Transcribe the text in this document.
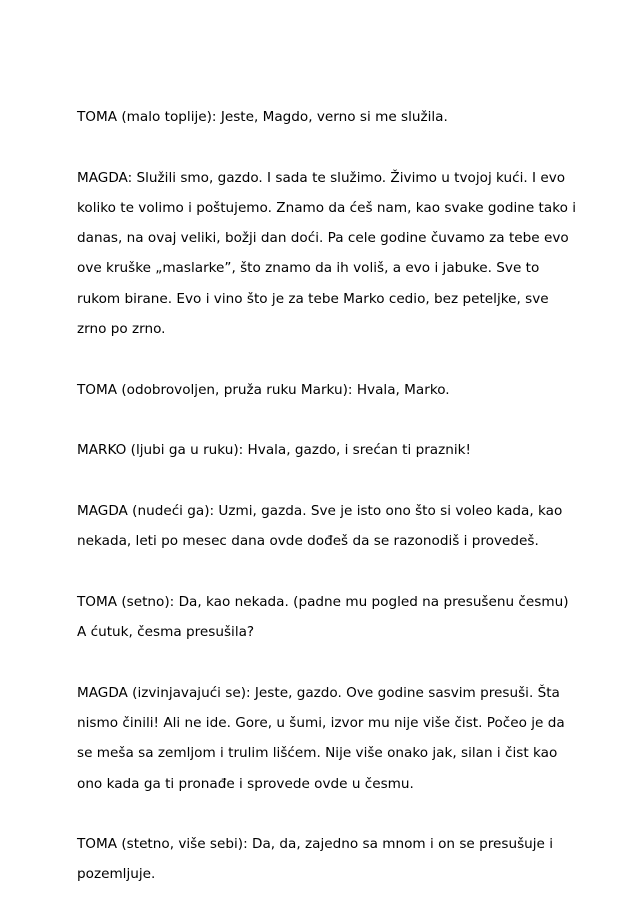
TOMA (malo toplije): Jeste, Magdo, verno si me služila.

MAGDA: Služili smo, gazdo. I sada te služimo. Živimo u tvojoj kući. I evo koliko te volimo i poštujemo. Znamo da ćeš nam, kao svake godine tako i danas, na ovaj veliki, božji dan doći. Pa cele godine čuvamo za tebe evo ove kruške „maslarke”, što znamo da ih voliš, a evo i jabuke. Sve to rukom birane. Evo i vino što je za tebe Marko cedio, bez peteljke, sve zrno po zrno.

TOMA (odobrovoljen, pruža ruku Marku): Hvala, Marko.

MARKO (ljubi ga u ruku): Hvala, gazdo, i srećan ti praznik!

MAGDA (nudeći ga): Uzmi, gazda. Sve je isto ono što si voleo kada, kao nekada, leti po mesec dana ovde dođeš da se razonodiš i provedeš.

TOMA (setno): Da, kao nekada. (padne mu pogled na presušenu česmu) A ćutuk, česma presušila?

MAGDA (izvinjavajući se): Jeste, gazdo. Ove godine sasvim presuši. Šta nismo činili! Ali ne ide. Gore, u šumi, izvor mu nije više čist. Počeo je da se meša sa zemljom i trulim lišćem. Nije više onako jak, silan i čist kao ono kada ga ti pronađe i sprovede ovde u česmu.

TOMA (stetno, više sebi): Da, da, zajedno sa mnom i on se presušuje i pozemljuje.
